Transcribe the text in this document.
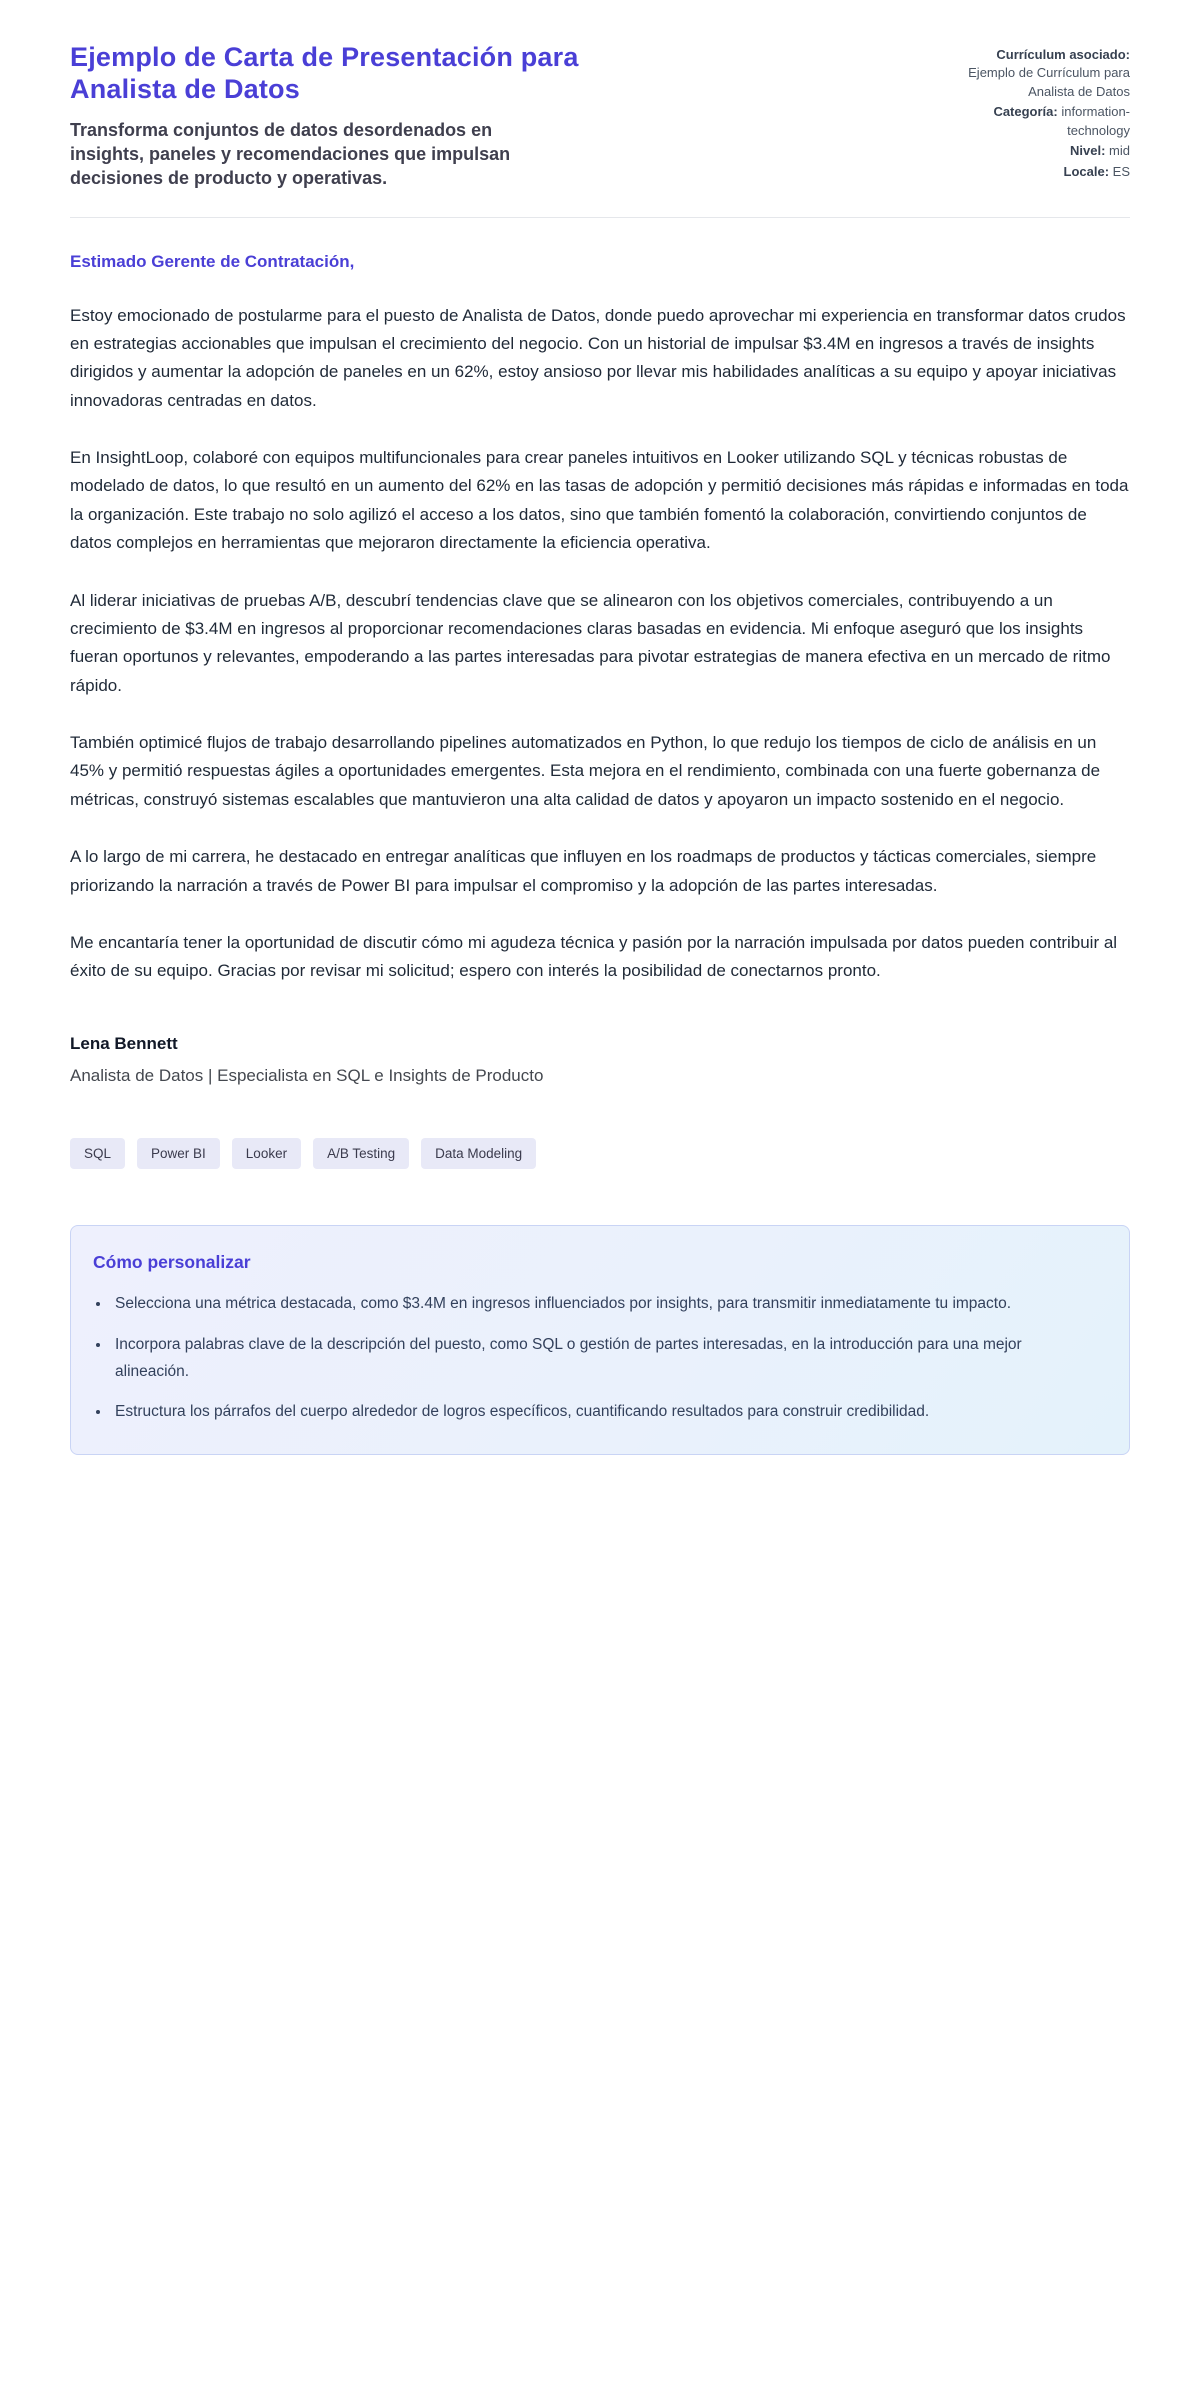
Ejemplo de Carta de Presentación para Analista de Datos

Transforma conjuntos de datos desordenados en insights, paneles y recomendaciones que impulsan decisiones de producto y operativas.

Currículum asociado: Ejemplo de Currículum para Analista de Datos
Categoría: information-technology
Nivel: mid
Locale: ES

Estimado Gerente de Contratación,

Estoy emocionado de postularme para el puesto de Analista de Datos, donde puedo aprovechar mi experiencia en transformar datos crudos en estrategias accionables que impulsan el crecimiento del negocio. Con un historial de impulsar $3.4M en ingresos a través de insights dirigidos y aumentar la adopción de paneles en un 62%, estoy ansioso por llevar mis habilidades analíticas a su equipo y apoyar iniciativas innovadoras centradas en datos.

En InsightLoop, colaboré con equipos multifuncionales para crear paneles intuitivos en Looker utilizando SQL y técnicas robustas de modelado de datos, lo que resultó en un aumento del 62% en las tasas de adopción y permitió decisiones más rápidas e informadas en toda la organización. Este trabajo no solo agilizó el acceso a los datos, sino que también fomentó la colaboración, convirtiendo conjuntos de datos complejos en herramientas que mejoraron directamente la eficiencia operativa.

Al liderar iniciativas de pruebas A/B, descubrí tendencias clave que se alinearon con los objetivos comerciales, contribuyendo a un crecimiento de $3.4M en ingresos al proporcionar recomendaciones claras basadas en evidencia. Mi enfoque aseguró que los insights fueran oportunos y relevantes, empoderando a las partes interesadas para pivotar estrategias de manera efectiva en un mercado de ritmo rápido.

También optimicé flujos de trabajo desarrollando pipelines automatizados en Python, lo que redujo los tiempos de ciclo de análisis en un 45% y permitió respuestas ágiles a oportunidades emergentes. Esta mejora en el rendimiento, combinada con una fuerte gobernanza de métricas, construyó sistemas escalables que mantuvieron una alta calidad de datos y apoyaron un impacto sostenido en el negocio.

A lo largo de mi carrera, he destacado en entregar analíticas que influyen en los roadmaps de productos y tácticas comerciales, siempre priorizando la narración a través de Power BI para impulsar el compromiso y la adopción de las partes interesadas.

Me encantaría tener la oportunidad de discutir cómo mi agudeza técnica y pasión por la narración impulsada por datos pueden contribuir al éxito de su equipo. Gracias por revisar mi solicitud; espero con interés la posibilidad de conectarnos pronto.

Lena Bennett

Analista de Datos | Especialista en SQL e Insights de Producto

SQL	Power BI	Looker	A/B Testing	Data Modeling
Cómo personalizar
• Selecciona una métrica destacada, como $3.4M en ingresos influenciados por insights, para transmitir inmediatamente tu impacto.
• Incorpora palabras clave de la descripción del puesto, como SQL o gestión de partes interesadas, en la introducción para una mejor alineación.
• Estructura los párrafos del cuerpo alrededor de logros específicos, cuantificando resultados para construir credibilidad.
